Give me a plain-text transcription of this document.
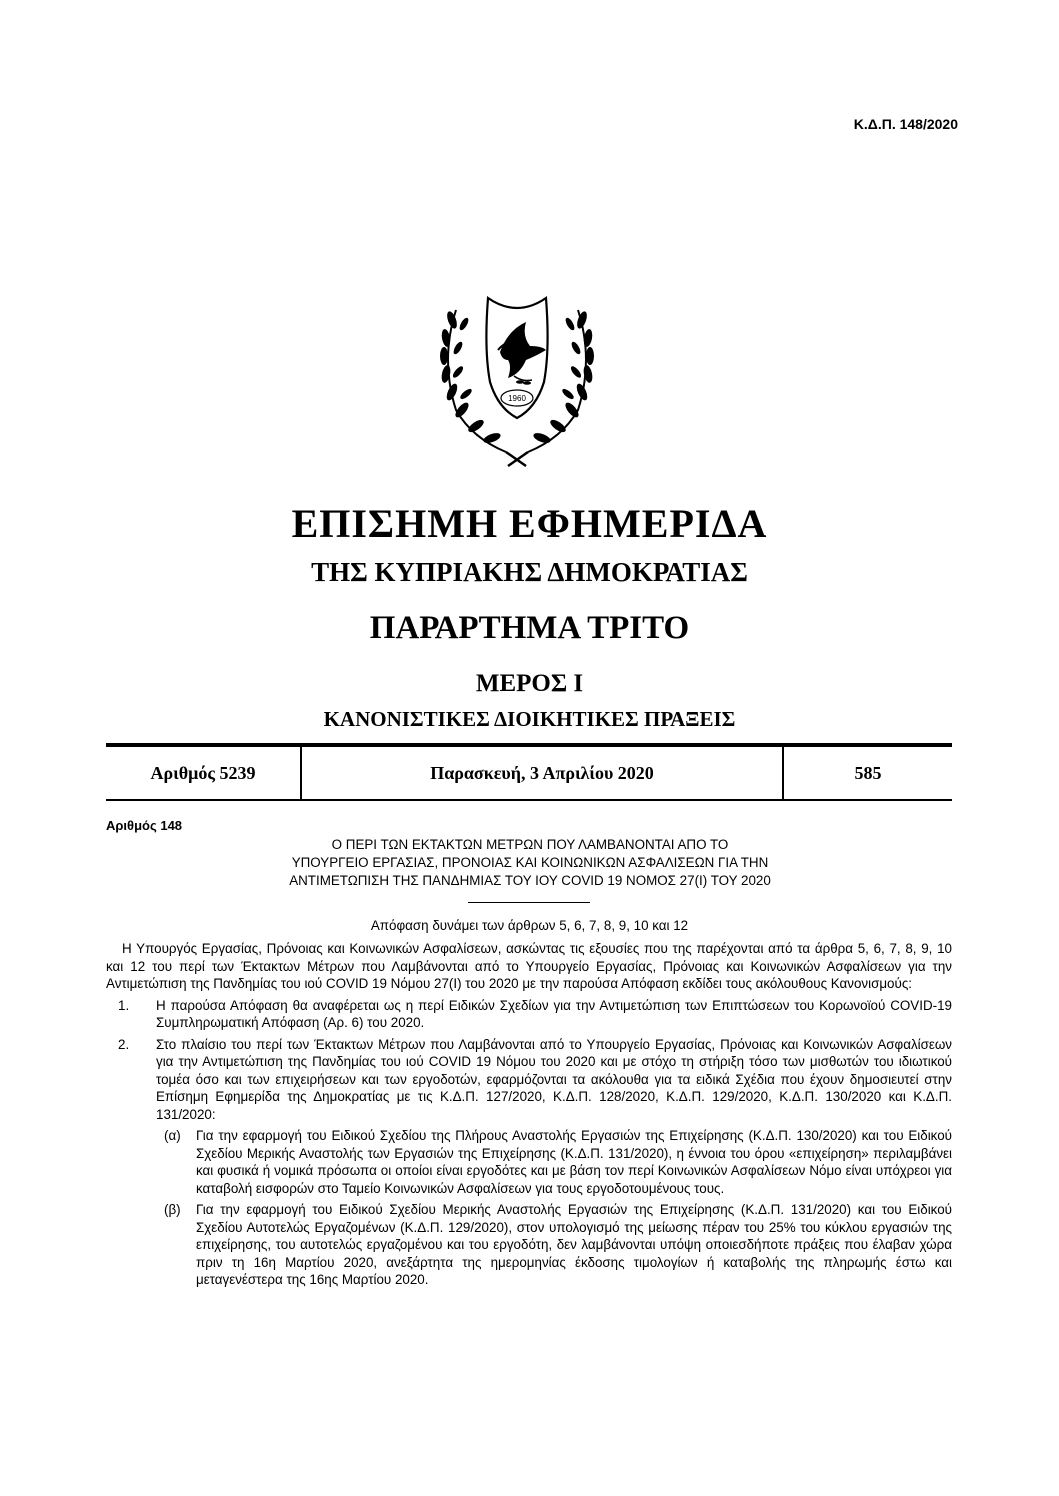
Κ.Δ.Π. 148/2020
1960
ΕΠΙΣΗΜΗ ΕΦΗΜΕΡΙΔΑ
ΤΗΣ ΚΥΠΡΙΑΚΗΣ ΔΗΜΟΚΡΑΤΙΑΣ
ΠΑΡΑΡΤΗΜΑ ΤΡΙΤΟ
ΜΕΡΟΣ Ι
ΚΑΝΟΝΙΣΤΙΚΕΣ ΔΙΟΙΚΗΤΙΚΕΣ ΠΡΑΞΕΙΣ
Αριθμός 5239	Παρασκευή, 3 Απριλίου 2020	585
Αριθμός 148
Ο ΠΕΡΙ ΤΩΝ ΕΚΤΑΚΤΩΝ ΜΕΤΡΩΝ ΠΟΥ ΛΑΜΒΑΝΟΝΤΑΙ ΑΠΟ ΤΟ
ΥΠΟΥΡΓΕΙΟ ΕΡΓΑΣΙΑΣ, ΠΡΟΝΟΙΑΣ ΚΑΙ ΚΟΙΝΩΝΙΚΩΝ ΑΣΦΑΛΙΣΕΩΝ ΓΙΑ ΤΗΝ
ΑΝΤΙΜΕΤΩΠΙΣΗ ΤΗΣ ΠΑΝΔΗΜΙΑΣ ΤΟΥ ΙΟΥ COVID 19 ΝΟΜΟΣ 27(Ι) ΤΟΥ 2020
Απόφαση δυνάμει των άρθρων 5, 6, 7, 8, 9, 10 και 12

Η Υπουργός Εργασίας, Πρόνοιας και Κοινωνικών Ασφαλίσεων, ασκώντας τις εξουσίες που της παρέχονται από τα άρθρα 5, 6, 7, 8, 9, 10 και 12 του περί των Έκτακτων Μέτρων που Λαμβάνονται από το Υπουργείο Εργασίας, Πρόνοιας και Κοινωνικών Ασφαλίσεων για την Αντιμετώπιση της Πανδημίας του ιού COVID 19 Νόμου 27(Ι) του 2020 με την παρούσα Απόφαση εκδίδει τους ακόλουθους Κανονισμούς:

1.	Η παρούσα Απόφαση θα αναφέρεται ως η περί Ειδικών Σχεδίων για την Αντιμετώπιση των Επιπτώσεων του Κορωνοϊού COVID-19 Συμπληρωματική Απόφαση (Αρ. 6) του 2020.
2.	Στο πλαίσιο του περί των Έκτακτων Μέτρων που Λαμβάνονται από το Υπουργείο Εργασίας, Πρόνοιας και Κοινωνικών Ασφαλίσεων για την Αντιμετώπιση της Πανδημίας του ιού COVID 19 Νόμου του 2020 και με στόχο τη στήριξη τόσο των μισθωτών του ιδιωτικού τομέα όσο και των επιχειρήσεων και των εργοδοτών, εφαρμόζονται τα ακόλουθα για τα ειδικά Σχέδια που έχουν δημοσιευτεί στην Επίσημη Εφημερίδα της Δημοκρατίας με τις Κ.Δ.Π. 127/2020, Κ.Δ.Π. 128/2020, Κ.Δ.Π. 129/2020, Κ.Δ.Π. 130/2020 και Κ.Δ.Π. 131/2020:
(α)	Για την εφαρμογή του Ειδικού Σχεδίου της Πλήρους Αναστολής Εργασιών της Επιχείρησης (Κ.Δ.Π. 130/2020) και του Ειδικού Σχεδίου Μερικής Αναστολής των Εργασιών της Επιχείρησης (Κ.Δ.Π. 131/2020), η έννοια του όρου «επιχείρηση» περιλαμβάνει και φυσικά ή νομικά πρόσωπα οι οποίοι είναι εργοδότες και με βάση τον περί Κοινωνικών Ασφαλίσεων Νόμο είναι υπόχρεοι για καταβολή εισφορών στο Ταμείο Κοινωνικών Ασφαλίσεων για τους εργοδοτουμένους τους.
(β)	Για την εφαρμογή του Ειδικού Σχεδίου Μερικής Αναστολής Εργασιών της Επιχείρησης (Κ.Δ.Π. 131/2020) και του Ειδικού Σχεδίου Αυτοτελώς Εργαζομένων (Κ.Δ.Π. 129/2020), στον υπολογισμό της μείωσης πέραν του 25% του κύκλου εργασιών της επιχείρησης, του αυτοτελώς εργαζομένου και του εργοδότη, δεν λαμβάνονται υπόψη οποιεσδήποτε πράξεις που έλαβαν χώρα πριν τη 16η Μαρτίου 2020, ανεξάρτητα της ημερομηνίας έκδοσης τιμολογίων ή καταβολής της πληρωμής έστω και μεταγενέστερα της 16ης Μαρτίου 2020.
